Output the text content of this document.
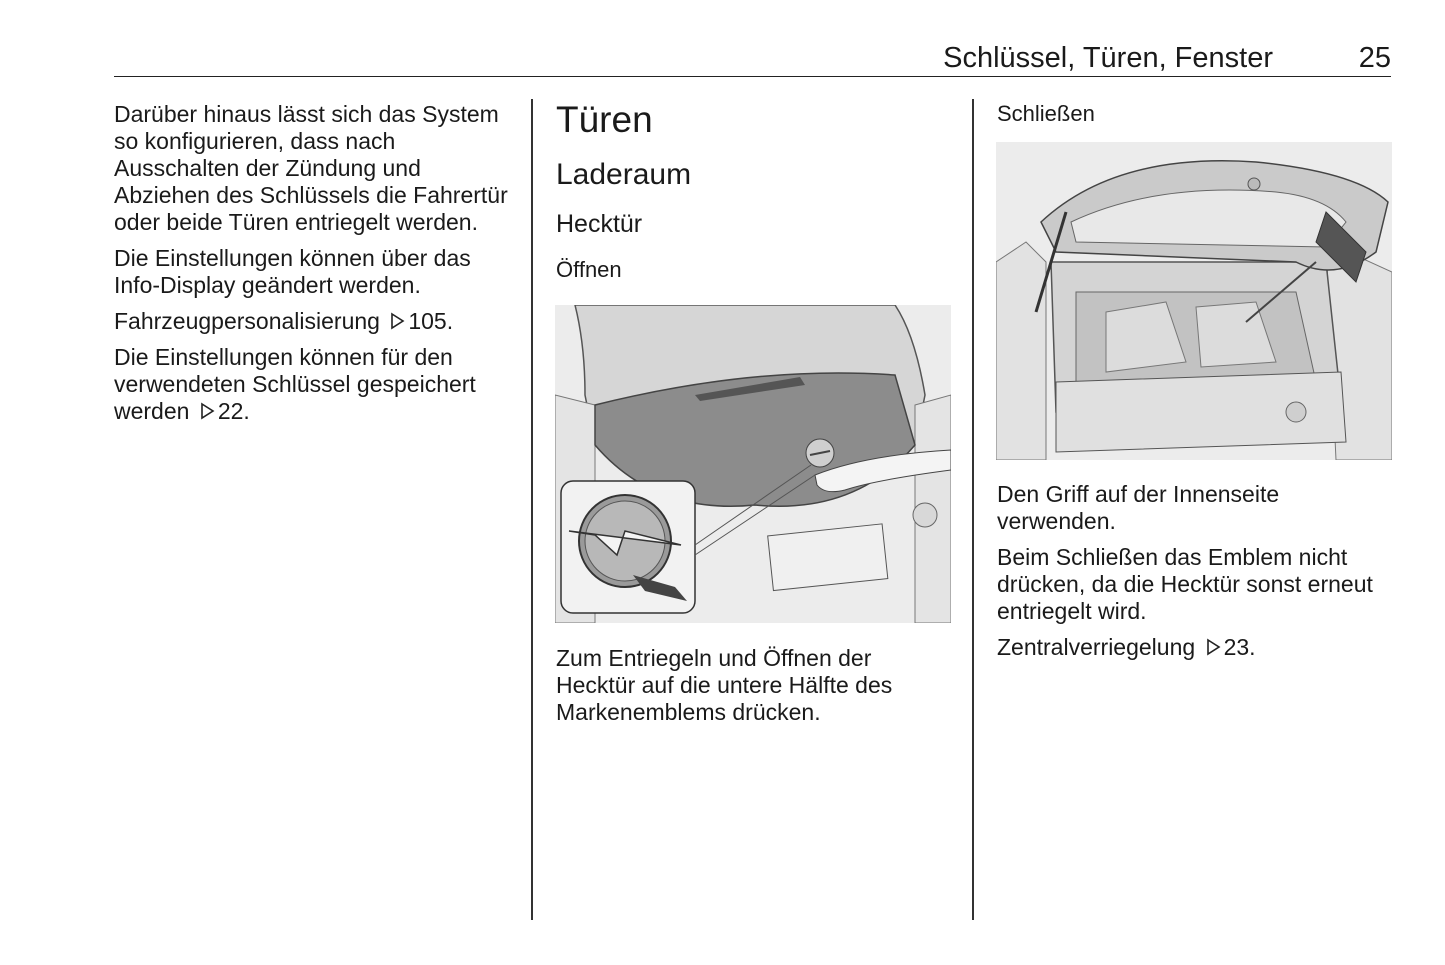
Schlüssel, Türen, Fenster	25

Darüber hinaus lässt sich das System so konfigurieren, dass nach Ausschalten der Zündung und Abziehen des Schlüssels die Fahrertür oder beide Türen entriegelt werden.

Die Einstellungen können über das Info-Display geändert werden.

Fahrzeugpersonalisierung 105.

Die Einstellungen können für den verwendeten Schlüssel gespeichert werden 22.

Türen
Laderaum
Hecktür
Öffnen

Zum Entriegeln und Öffnen der Hecktür auf die untere Hälfte des Markenemblems drücken.

Schließen

Den Griff auf der Innenseite verwenden.

Beim Schließen das Emblem nicht drücken, da die Hecktür sonst erneut entriegelt wird.

Zentralverriegelung 23.
